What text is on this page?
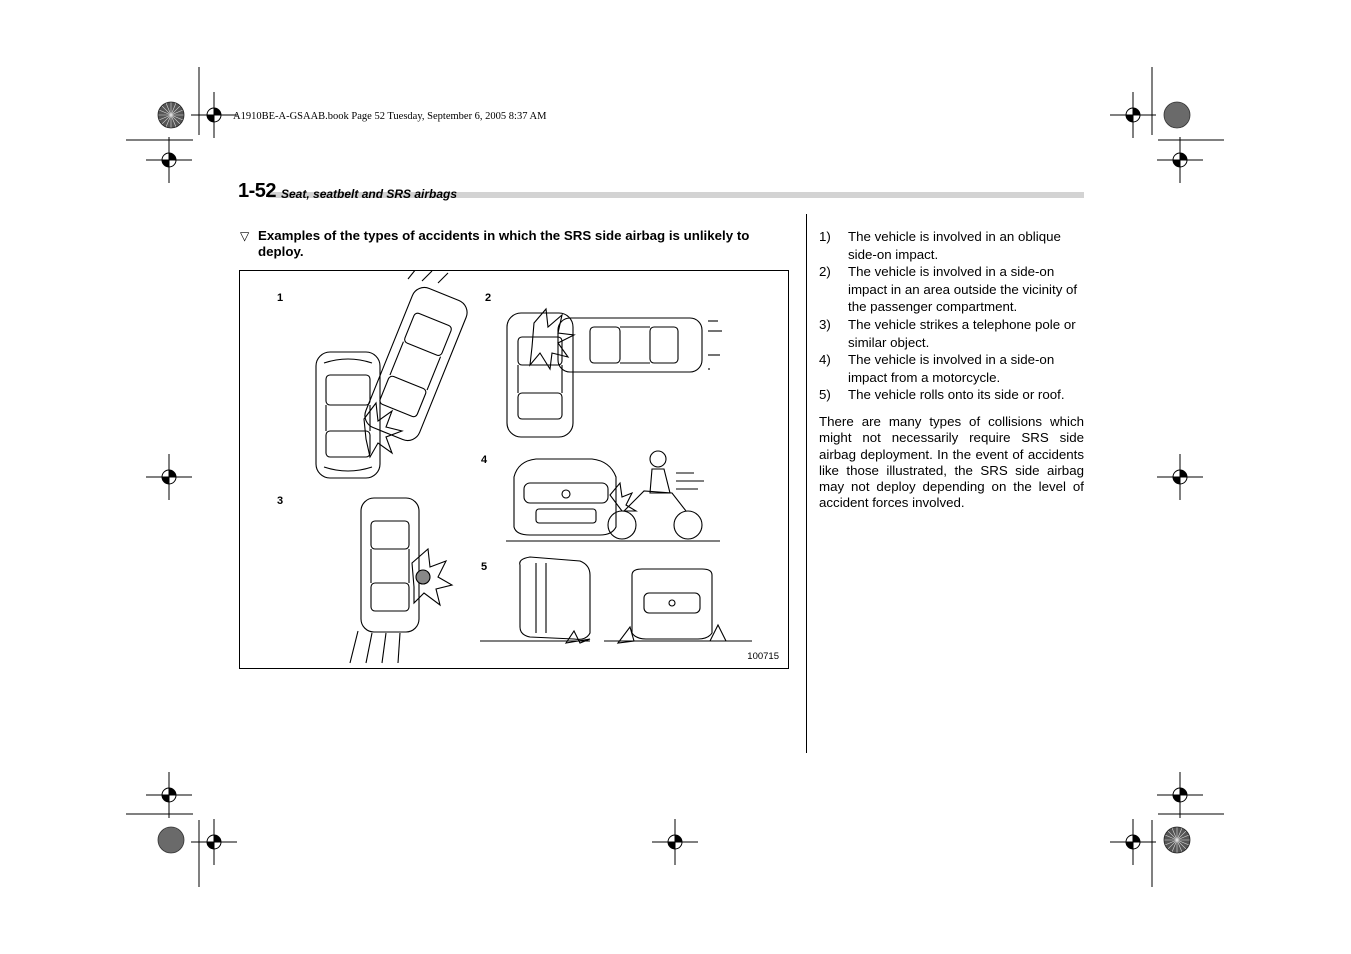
A1910BE-A-GSAAB.book Page 52 Tuesday, September 6, 2005 8:37 AM
1-52 Seat, seatbelt and SRS airbags
▽ Examples of the types of accidents in which the SRS side airbag is unlikely to deploy.
1	2
3
4
5
100715
1) The vehicle is involved in an oblique side-on impact.
2) The vehicle is involved in a side-on impact in an area outside the vicinity of the passenger compartment.
3) The vehicle strikes a telephone pole or similar object.
4) The vehicle is involved in a side-on impact from a motorcycle.
5) The vehicle rolls onto its side or roof.

There are many types of collisions which might not necessarily require SRS side airbag deployment. In the event of accidents like those illustrated, the SRS side airbag may not deploy depending on the level of accident forces involved.
